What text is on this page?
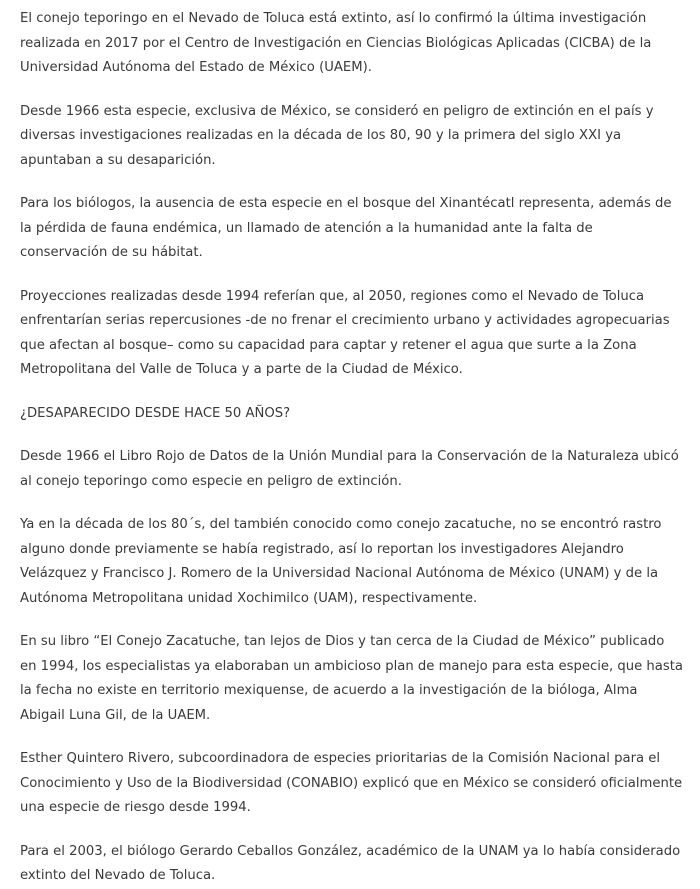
El conejo teporingo en el Nevado de Toluca está extinto, así lo confirmó la última investigación realizada en 2017 por el Centro de Investigación en Ciencias Biológicas Aplicadas (CICBA) de la Universidad Autónoma del Estado de México (UAEM).

Desde 1966 esta especie, exclusiva de México, se consideró en peligro de extinción en el país y diversas investigaciones realizadas en la década de los 80, 90 y la primera del siglo XXI ya apuntaban a su desaparición.

Para los biólogos, la ausencia de esta especie en el bosque del Xinantécatl representa, además de la pérdida de fauna endémica, un llamado de atención a la humanidad ante la falta de conservación de su hábitat.

Proyecciones realizadas desde 1994 referían que, al 2050, regiones como el Nevado de Toluca enfrentarían serias repercusiones -de no frenar el crecimiento urbano y actividades agropecuarias que afectan al bosque– como su capacidad para captar y retener el agua que surte a la Zona Metropolitana del Valle de Toluca y a parte de la Ciudad de México.

¿DESAPARECIDO DESDE HACE 50 AÑOS?

Desde 1966 el Libro Rojo de Datos de la Unión Mundial para la Conservación de la Naturaleza ubicó al conejo teporingo como especie en peligro de extinción.

Ya en la década de los 80´s, del también conocido como conejo zacatuche, no se encontró rastro alguno donde previamente se había registrado, así lo reportan los investigadores Alejandro Velázquez y Francisco J. Romero de la Universidad Nacional Autónoma de México (UNAM) y de la Autónoma Metropolitana unidad Xochimilco (UAM), respectivamente.

En su libro “El Conejo Zacatuche, tan lejos de Dios y tan cerca de la Ciudad de México” publicado en 1994, los especialistas ya elaboraban un ambicioso plan de manejo para esta especie, que hasta la fecha no existe en territorio mexiquense, de acuerdo a la investigación de la bióloga, Alma Abigail Luna Gil, de la UAEM.

Esther Quintero Rivero, subcoordinadora de especies prioritarias de la Comisión Nacional para el Conocimiento y Uso de la Biodiversidad (CONABIO) explicó que en México se consideró oficialmente una especie de riesgo desde 1994.

Para el 2003, el biólogo Gerardo Ceballos González, académico de la UNAM ya lo había considerado extinto del Nevado de Toluca.
